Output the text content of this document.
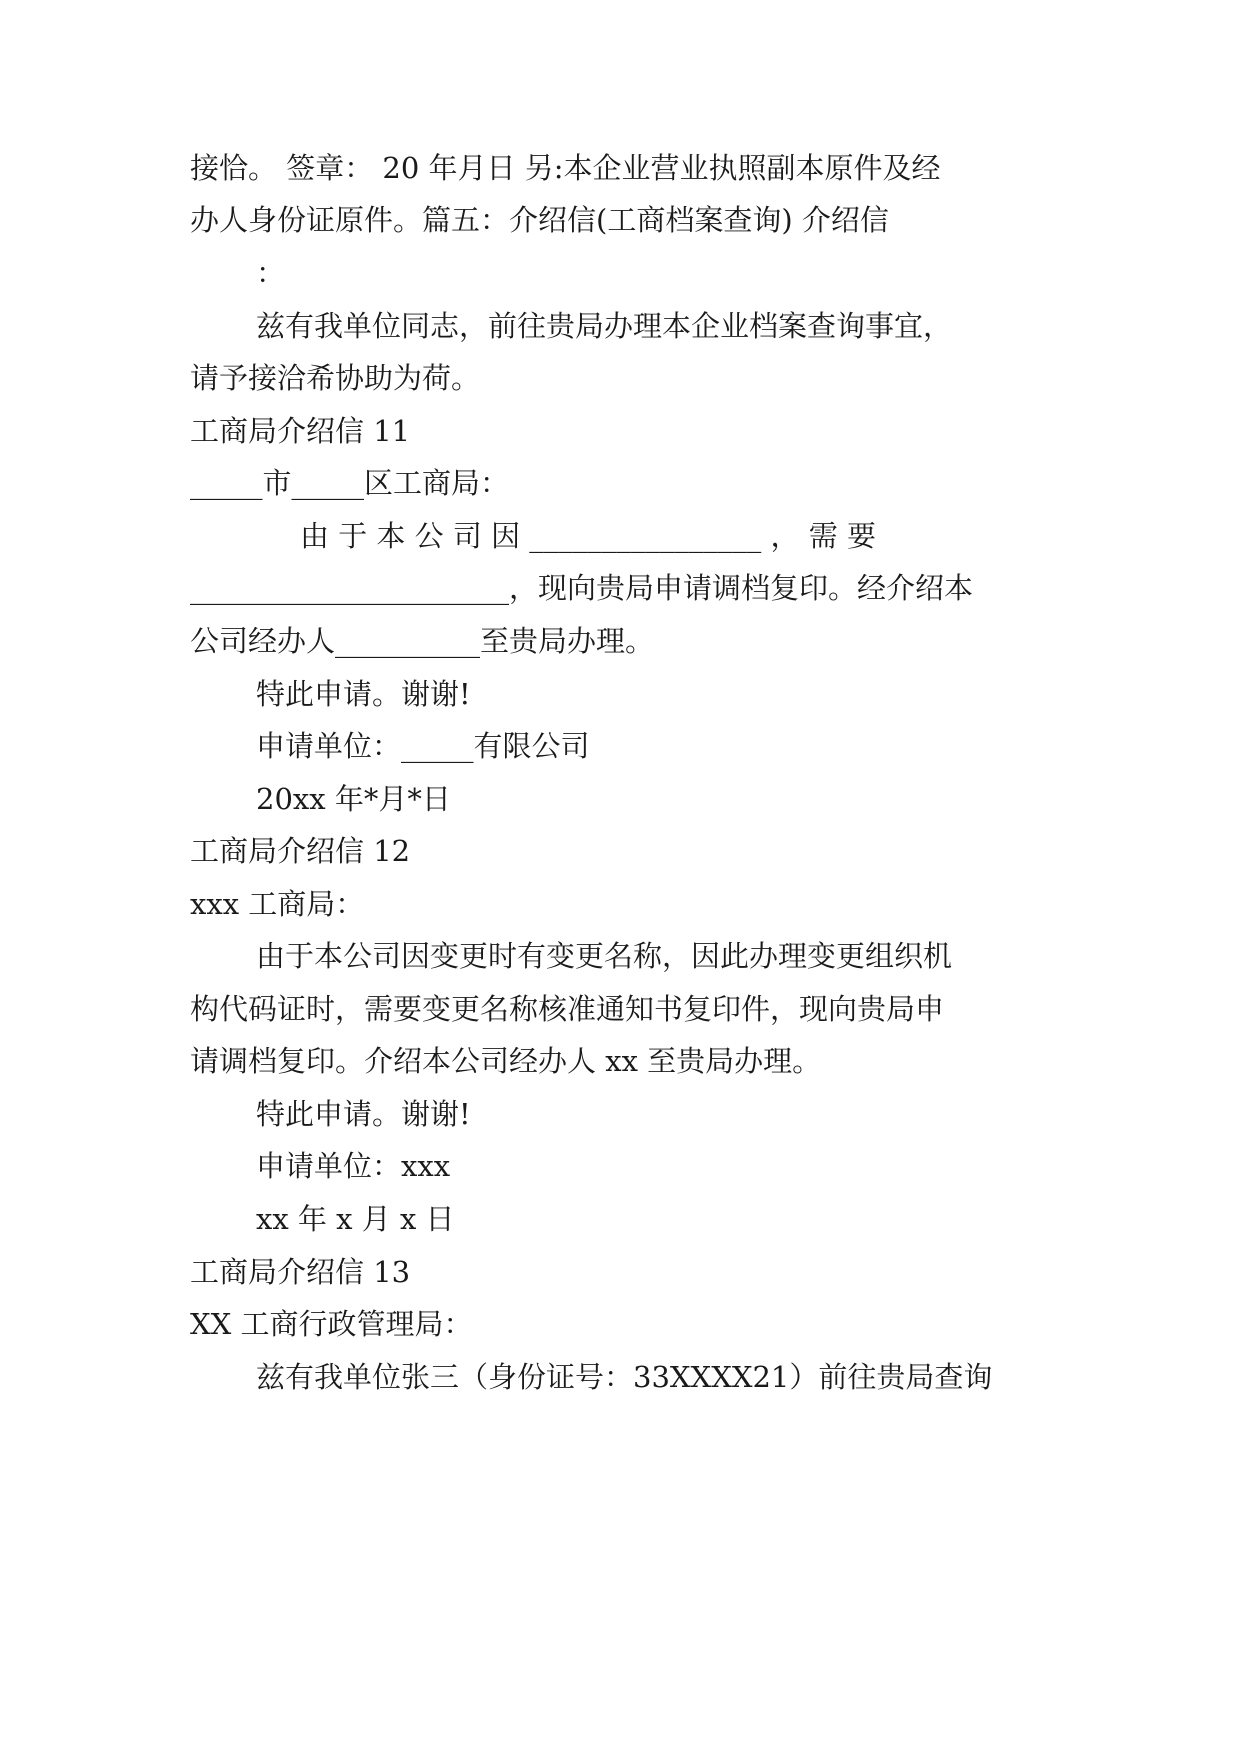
接恰。 签章： 20 年月日 另:本企业营业执照副本原件及经
办人身份证原件。篇五：介绍信(工商档案查询) 介绍信
：
兹有我单位同志，前往贵局办理本企业档案查询事宜，
请予接洽希协助为荷。
工商局介绍信 11
_____市_____区工商局：
由 于 本 公 司 因 ________________ ， 需 要
______________________，现向贵局申请调档复印。经介绍本
公司经办人__________至贵局办理。
特此申请。谢谢!
申请单位：_____有限公司
20xx 年*月*日
工商局介绍信 12
xxx 工商局：
由于本公司因变更时有变更名称，因此办理变更组织机
构代码证时，需要变更名称核准通知书复印件，现向贵局申
请调档复印。介绍本公司经办人 xx 至贵局办理。
特此申请。谢谢!
申请单位：xxx
xx 年 x 月 x 日
工商局介绍信 13
XX 工商行政管理局：
兹有我单位张三（身份证号：33XXXX21）前往贵局查询
